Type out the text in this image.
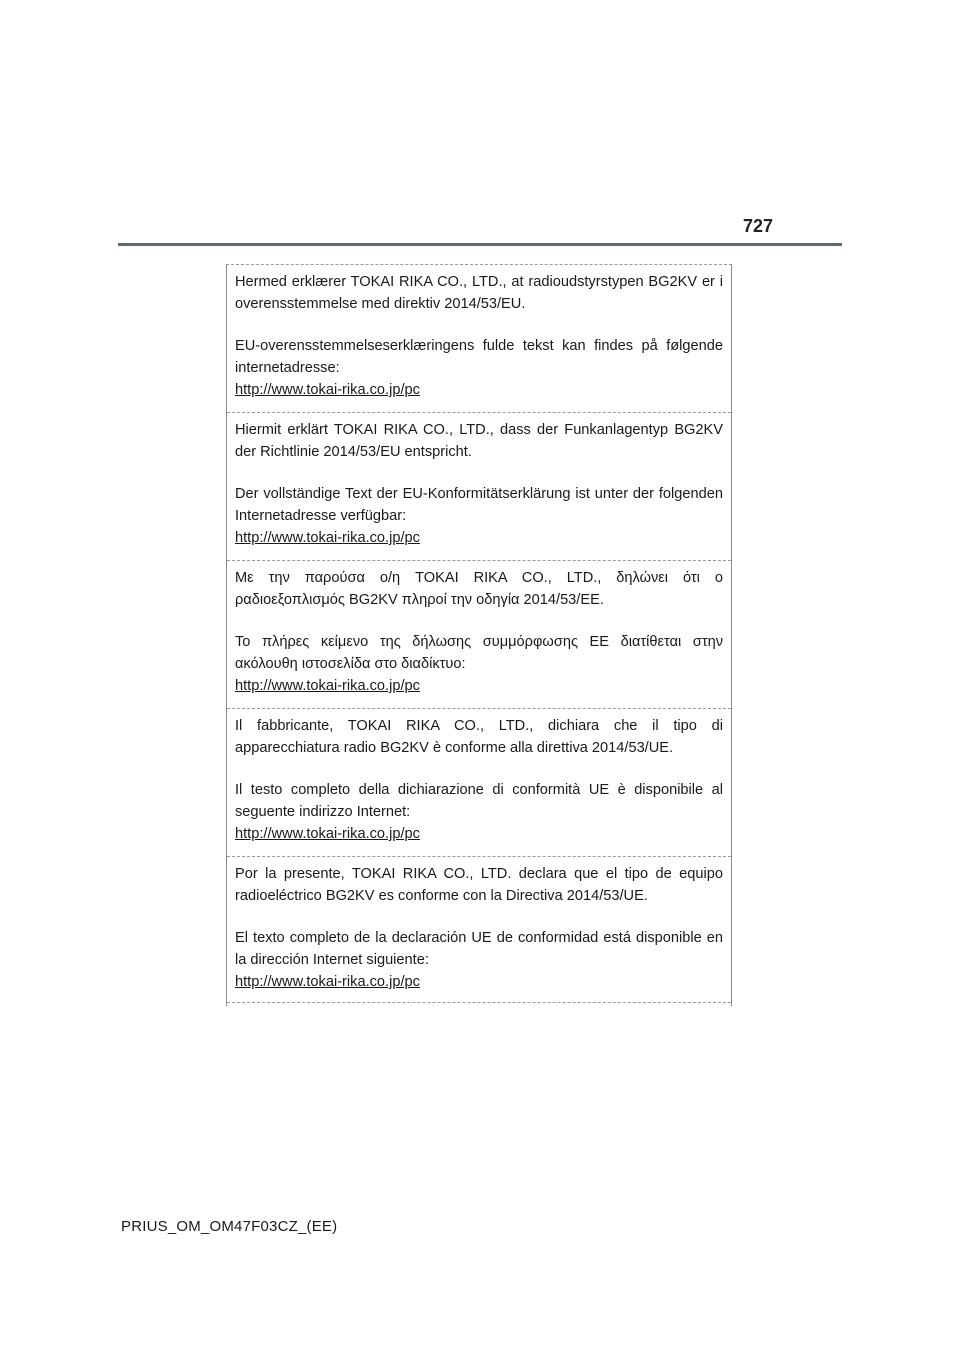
727

Hermed erklærer TOKAI RIKA CO., LTD., at radioudstyrstypen BG2KV er i overensstemmelse med direktiv 2014/53/EU.

EU-overensstemmelseserklæringens fulde tekst kan findes på følgende internetadresse:
http://www.tokai-rika.co.jp/pc

Hiermit erklärt TOKAI RIKA CO., LTD., dass der Funkanlagentyp BG2KV der Richtlinie 2014/53/EU entspricht.

Der vollständige Text der EU-Konformitätserklärung ist unter der folgenden Internetadresse verfügbar:
http://www.tokai-rika.co.jp/pc

Με την παρούσα ο/η TOKAI RIKA CO., LTD., δηλώνει ότι ο ραδιοεξοπλισμός BG2KV πληροί την οδηγία 2014/53/ΕΕ.

Το πλήρες κείμενο της δήλωσης συμμόρφωσης ΕΕ διατίθεται στην ακόλουθη ιστοσελίδα στο διαδίκτυο:
http://www.tokai-rika.co.jp/pc

Il fabbricante, TOKAI RIKA CO., LTD., dichiara che il tipo di apparecchiatura radio BG2KV è conforme alla direttiva 2014/53/UE.

Il testo completo della dichiarazione di conformità UE è disponibile al seguente indirizzo Internet:
http://www.tokai-rika.co.jp/pc

Por la presente, TOKAI RIKA CO., LTD. declara que el tipo de equipo radioeléctrico BG2KV es conforme con la Directiva 2014/53/UE.

El texto completo de la declaración UE de conformidad está disponible en la dirección Internet siguiente:
http://www.tokai-rika.co.jp/pc

PRIUS_OM_OM47F03CZ_(EE)
